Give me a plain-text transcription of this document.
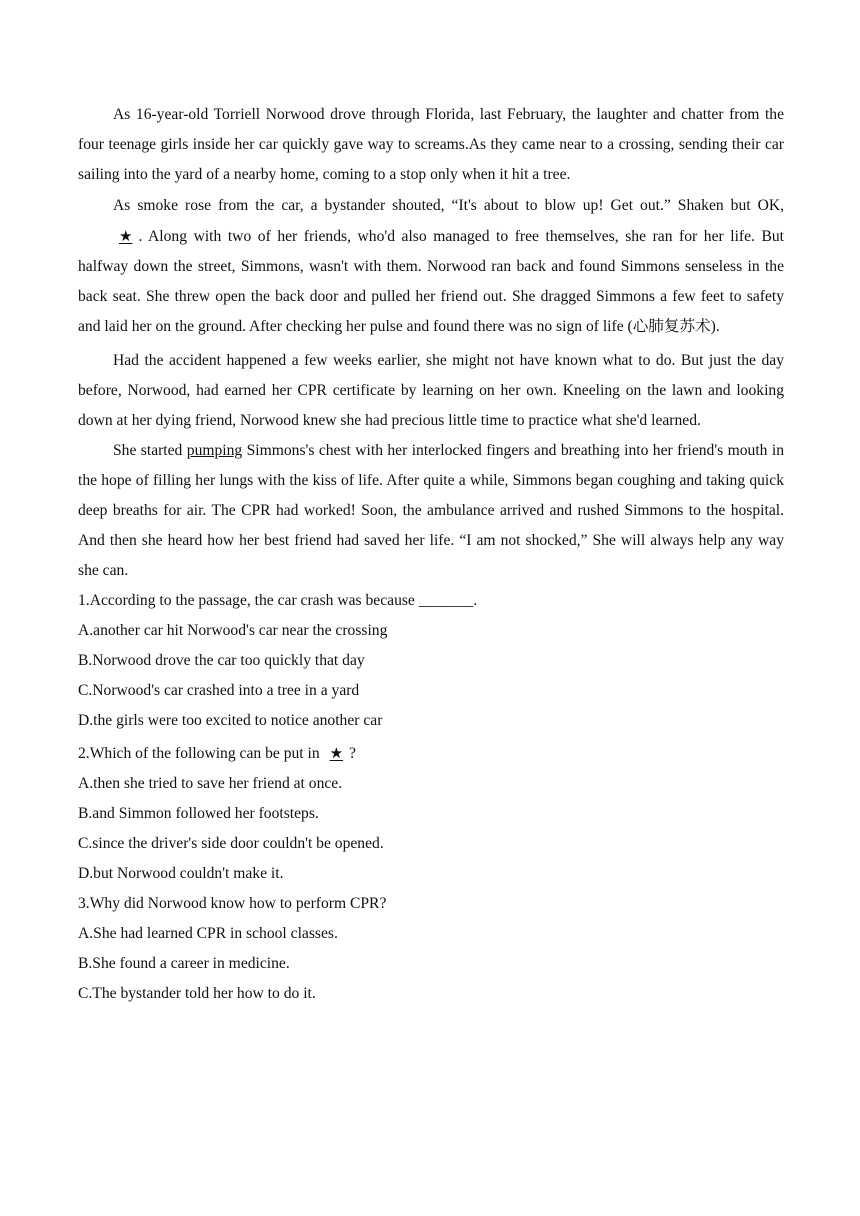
As 16-year-old Torriell Norwood drove through Florida, last February, the laughter and chatter from the four teenage girls inside her car quickly gave way to screams.As they came near to a crossing, sending their car sailing into the yard of a nearby home, coming to a stop only when it hit a tree.

As smoke rose from the car, a bystander shouted, “It's about to blow up! Get out.” Shaken but OK, ★ . Along with two of her friends, who'd also managed to free themselves, she ran for her life. But halfway down the street, Simmons, wasn't with them. Norwood ran back and found Simmons senseless in the back seat. She threw open the back door and pulled her friend out. She dragged Simmons a few feet to safety and laid her on the ground. After checking her pulse and found there was no sign of life (心肺复苏术).

Had the accident happened a few weeks earlier, she might not have known what to do. But just the day before, Norwood, had earned her CPR certificate by learning on her own. Kneeling on the lawn and looking down at her dying friend, Norwood knew she had precious little time to practice what she'd learned.

She started pumping Simmons's chest with her interlocked fingers and breathing into her friend's mouth in the hope of filling her lungs with the kiss of life. After quite a while, Simmons began coughing and taking quick deep breaths for air. The CPR had worked! Soon, the ambulance arrived and rushed Simmons to the hospital. And then she heard how her best friend had saved her life. “I am not shocked,” She will always help any way she can.

1.According to the passage, the car crash was because _______.

A.another car hit Norwood's car near the crossing

B.Norwood drove the car too quickly that day

C.Norwood's car crashed into a tree in a yard

D.the girls were too excited to notice another car

2.Which of the following can be put in ★ ?

A.then she tried to save her friend at once.

B.and Simmon followed her footsteps.

C.since the driver's side door couldn't be opened.

D.but Norwood couldn't make it.

3.Why did Norwood know how to perform CPR?

A.She had learned CPR in school classes.

B.She found a career in medicine.

C.The bystander told her how to do it.
